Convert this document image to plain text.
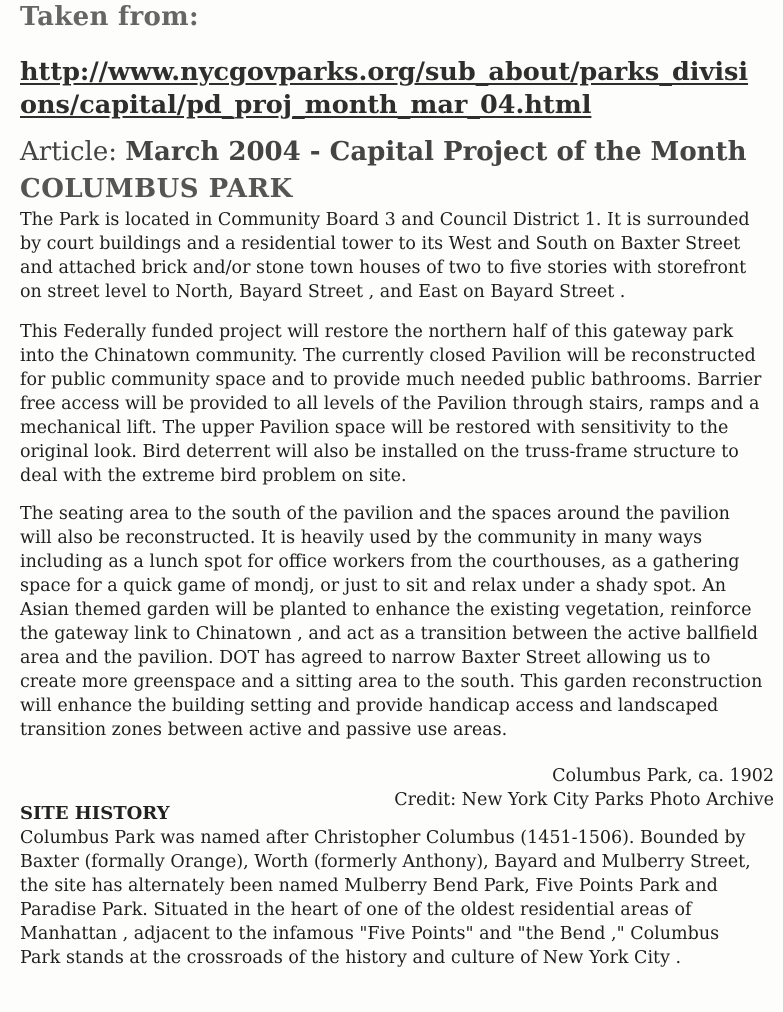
Taken from:
http://www.nycgovparks.org/sub_about/parks_divisi
ons/capital/pd_proj_month_mar_04.html
Article: March 2004 - Capital Project of the Month
COLUMBUS PARK
The Park is located in Community Board 3 and Council District 1. It is surrounded
by court buildings and a residential tower to its West and South on Baxter Street
and attached brick and/or stone town houses of two to five stories with storefront
on street level to North, Bayard Street , and East on Bayard Street .
This Federally funded project will restore the northern half of this gateway park
into the Chinatown community. The currently closed Pavilion will be reconstructed
for public community space and to provide much needed public bathrooms. Barrier
free access will be provided to all levels of the Pavilion through stairs, ramps and a
mechanical lift. The upper Pavilion space will be restored with sensitivity to the
original look. Bird deterrent will also be installed on the truss-frame structure to
deal with the extreme bird problem on site.
The seating area to the south of the pavilion and the spaces around the pavilion
will also be reconstructed. It is heavily used by the community in many ways
including as a lunch spot for office workers from the courthouses, as a gathering
space for a quick game of mondj, or just to sit and relax under a shady spot. An
Asian themed garden will be planted to enhance the existing vegetation, reinforce
the gateway link to Chinatown , and act as a transition between the active ballfield
area and the pavilion. DOT has agreed to narrow Baxter Street allowing us to
create more greenspace and a sitting area to the south. This garden reconstruction
will enhance the building setting and provide handicap access and landscaped
transition zones between active and passive use areas.
Columbus Park, ca. 1902
Credit: New York City Parks Photo Archive
SITE HISTORY
Columbus Park was named after Christopher Columbus (1451-1506). Bounded by
Baxter (formally Orange), Worth (formerly Anthony), Bayard and Mulberry Street,
the site has alternately been named Mulberry Bend Park, Five Points Park and
Paradise Park. Situated in the heart of one of the oldest residential areas of
Manhattan , adjacent to the infamous "Five Points" and "the Bend ," Columbus
Park stands at the crossroads of the history and culture of New York City .
